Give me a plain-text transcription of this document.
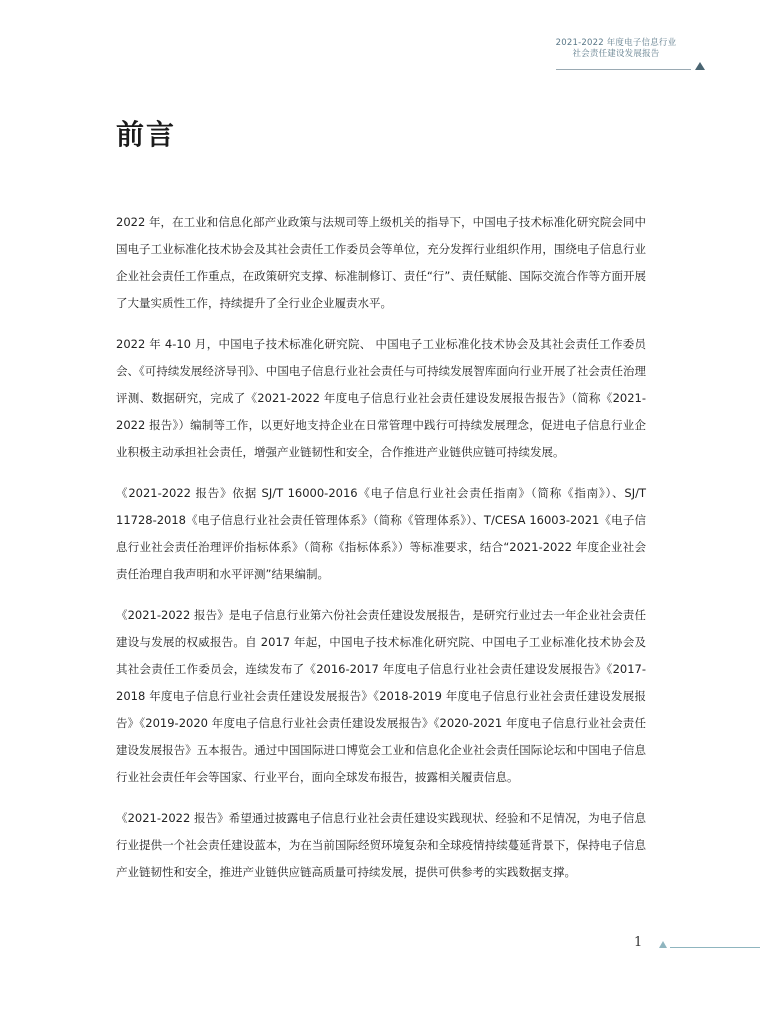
2021-2022 年度电子信息行业
社会责任建设发展报告
前言

2022 年，在工业和信息化部产业政策与法规司等上级机关的指导下，中国电子技术标准化研究院会同中国电子工业标准化技术协会及其社会责任工作委员会等单位，充分发挥行业组织作用，围绕电子信息行业企业社会责任工作重点，在政策研究支撑、标准制修订、责任“行”、责任赋能、国际交流合作等方面开展了大量实质性工作，持续提升了全行业企业履责水平。

2022 年 4-10 月，中国电子技术标准化研究院、 中国电子工业标准化技术协会及其社会责任工作委员会、《可持续发展经济导刊》、中国电子信息行业社会责任与可持续发展智库面向行业开展了社会责任治理评测、数据研究，完成了《2021-2022 年度电子信息行业社会责任建设发展报告报告》（简称《2021-2022 报告》）编制等工作，以更好地支持企业在日常管理中践行可持续发展理念，促进电子信息行业企业积极主动承担社会责任，增强产业链韧性和安全，合作推进产业链供应链可持续发展。

《2021-2022 报告》依据 SJ/T 16000-2016《电子信息行业社会责任指南》（简称《指南》）、SJ/T 11728-2018《电子信息行业社会责任管理体系》（简称《管理体系》）、T/CESA 16003-2021《电子信息行业社会责任治理评价指标体系》（简称《指标体系》）等标准要求，结合“2021-2022 年度企业社会责任治理自我声明和水平评测”结果编制。

《2021-2022 报告》是电子信息行业第六份社会责任建设发展报告，是研究行业过去一年企业社会责任建设与发展的权威报告。自 2017 年起，中国电子技术标准化研究院、中国电子工业标准化技术协会及其社会责任工作委员会，连续发布了《2016-2017 年度电子信息行业社会责任建设发展报告》《2017-2018 年度电子信息行业社会责任建设发展报告》《2018-2019 年度电子信息行业社会责任建设发展报告》《2019-2020 年度电子信息行业社会责任建设发展报告》《2020-2021 年度电子信息行业社会责任建设发展报告》五本报告。通过中国国际进口博览会工业和信息化企业社会责任国际论坛和中国电子信息行业社会责任年会等国家、行业平台，面向全球发布报告，披露相关履责信息。

《2021-2022 报告》希望通过披露电子信息行业社会责任建设实践现状、经验和不足情况，为电子信息行业提供一个社会责任建设蓝本，为在当前国际经贸环境复杂和全球疫情持续蔓延背景下，保持电子信息产业链韧性和安全，推进产业链供应链高质量可持续发展，提供可供参考的实践数据支撑。

1
